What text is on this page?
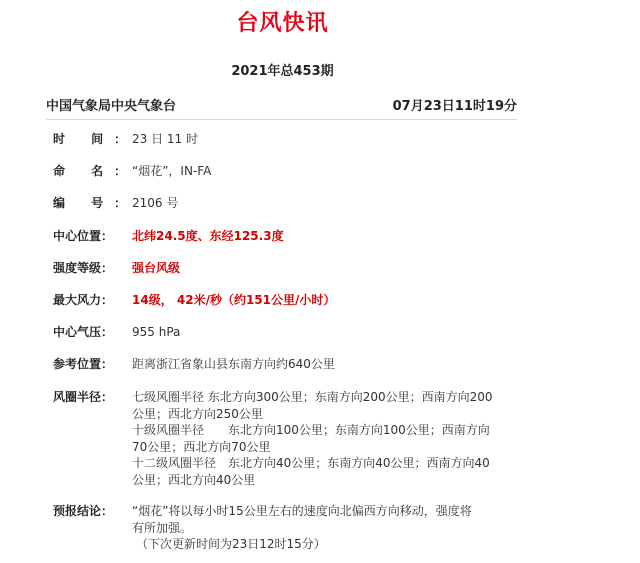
台风快讯
2021年总453期
中国气象局中央气象台	07月23日11时19分
时 间：
23 日 11 时
命 名：
“烟花”，IN-FA
编 号：
2106 号
中心位置： 北纬24.5度、东经125.3度
强度等级： 强台风级
最大风力： 14级， 42米/秒（约151公里/小时）
中心气压： 955 hPa
参考位置： 距离浙江省象山县东南方向约640公里
风圈半径： 七级风圈半径 东北方向300公里；东南方向200公里；西南方向200

公里；西北方向250公里

十级风圈半径　　东北方向100公里；东南方向100公里；西南方向

70公里；西北方向70公里

十二级风圈半径　东北方向40公里；东南方向40公里；西南方向40

公里；西北方向40公里

预报结论： “烟花”将以每小时15公里左右的速度向北偏西方向移动，强度将

有所加强。

（下次更新时间为23日12时15分）
